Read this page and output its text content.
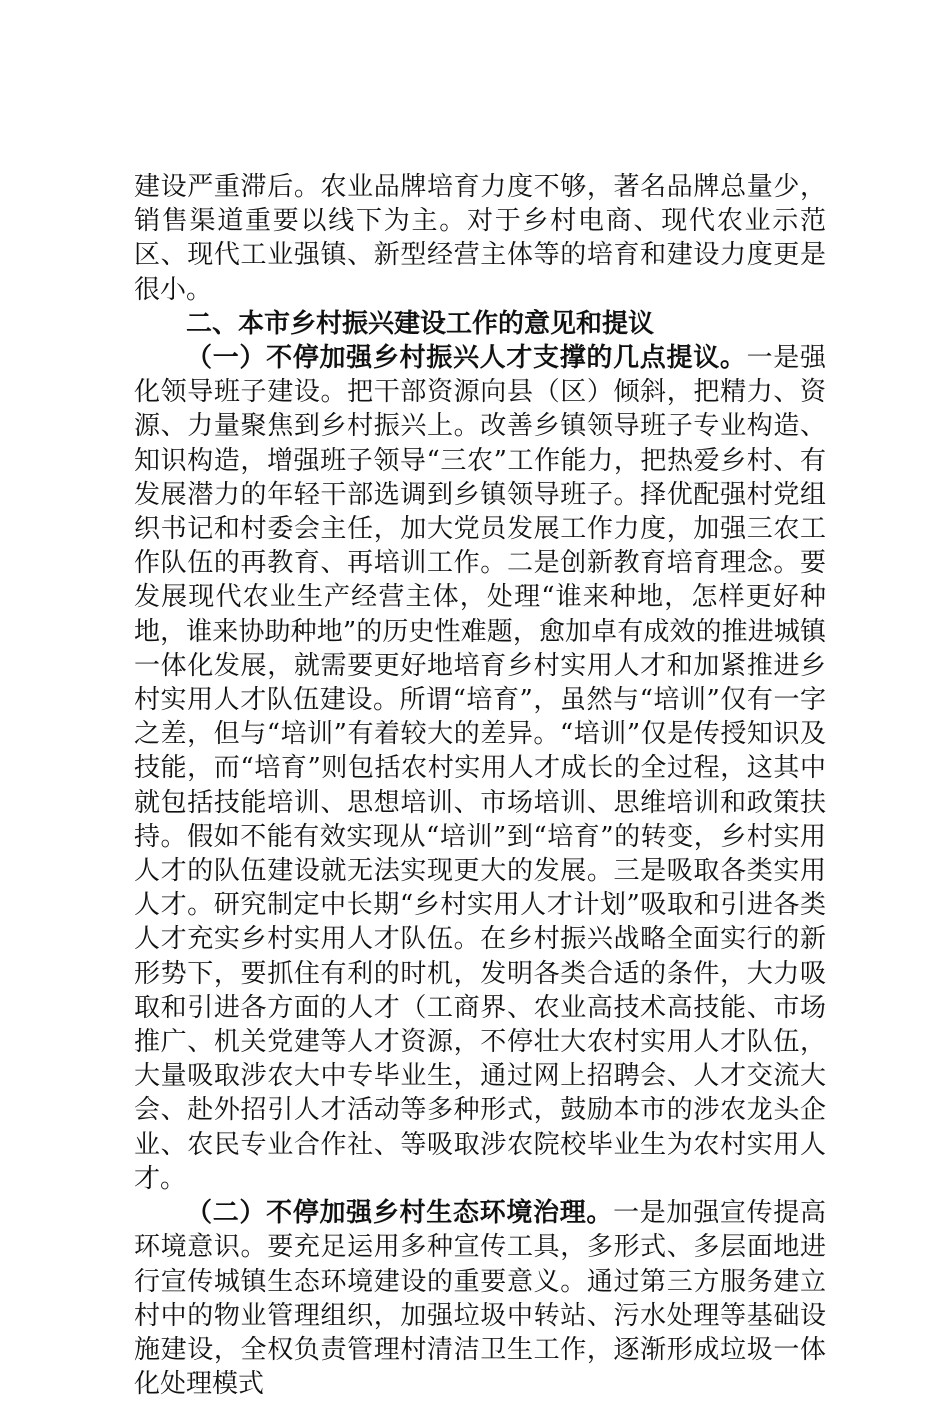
建设严重滞后。农业品牌培育力度不够，著名品牌总量少，销售渠道重要以线下为主。对于乡村电商、现代农业示范区、现代工业强镇、新型经营主体等的培育和建设力度更是很小。

二、本市乡村振兴建设工作的意见和提议

（一）不停加强乡村振兴人才支撑的几点提议。一是强化领导班子建设。把干部资源向县（区）倾斜，把精力、资源、力量聚焦到乡村振兴上。改善乡镇领导班子专业构造、知识构造，增强班子领导“三农”工作能力，把热爱乡村、有发展潜力的年轻干部选调到乡镇领导班子。择优配强村党组织书记和村委会主任，加大党员发展工作力度，加强三农工作队伍的再教育、再培训工作。二是创新教育培育理念。要发展现代农业生产经营主体，处理“谁来种地，怎样更好种地，谁来协助种地”的历史性难题，愈加卓有成效的推进城镇一体化发展，就需要更好地培育乡村实用人才和加紧推进乡村实用人才队伍建设。所谓“培育”，虽然与“培训”仅有一字之差，但与“培训”有着较大的差异。“培训”仅是传授知识及技能，而“培育”则包括农村实用人才成长的全过程，这其中就包括技能培训、思想培训、市场培训、思维培训和政策扶持。假如不能有效实现从“培训”到“培育”的转变，乡村实用人才的队伍建设就无法实现更大的发展。三是吸取各类实用人才。研究制定中长期“乡村实用人才计划”吸取和引进各类人才充实乡村实用人才队伍。在乡村振兴战略全面实行的新形势下，要抓住有利的时机，发明各类合适的条件，大力吸取和引进各方面的人才（工商界、农业高技术高技能、市场推广、机关党建等人才资源，不停壮大农村实用人才队伍，大量吸取涉农大中专毕业生，通过网上招聘会、人才交流大会、赴外招引人才活动等多种形式，鼓励本市的涉农龙头企业、农民专业合作社、等吸取涉农院校毕业生为农村实用人才。

（二）不停加强乡村生态环境治理。一是加强宣传提高环境意识。要充足运用多种宣传工具，多形式、多层面地进行宣传城镇生态环境建设的重要意义。通过第三方服务建立村中的物业管理组织，加强垃圾中转站、污水处理等基础设施建设，全权负责管理村清洁卫生工作，逐渐形成垃圾一体化处理模式
